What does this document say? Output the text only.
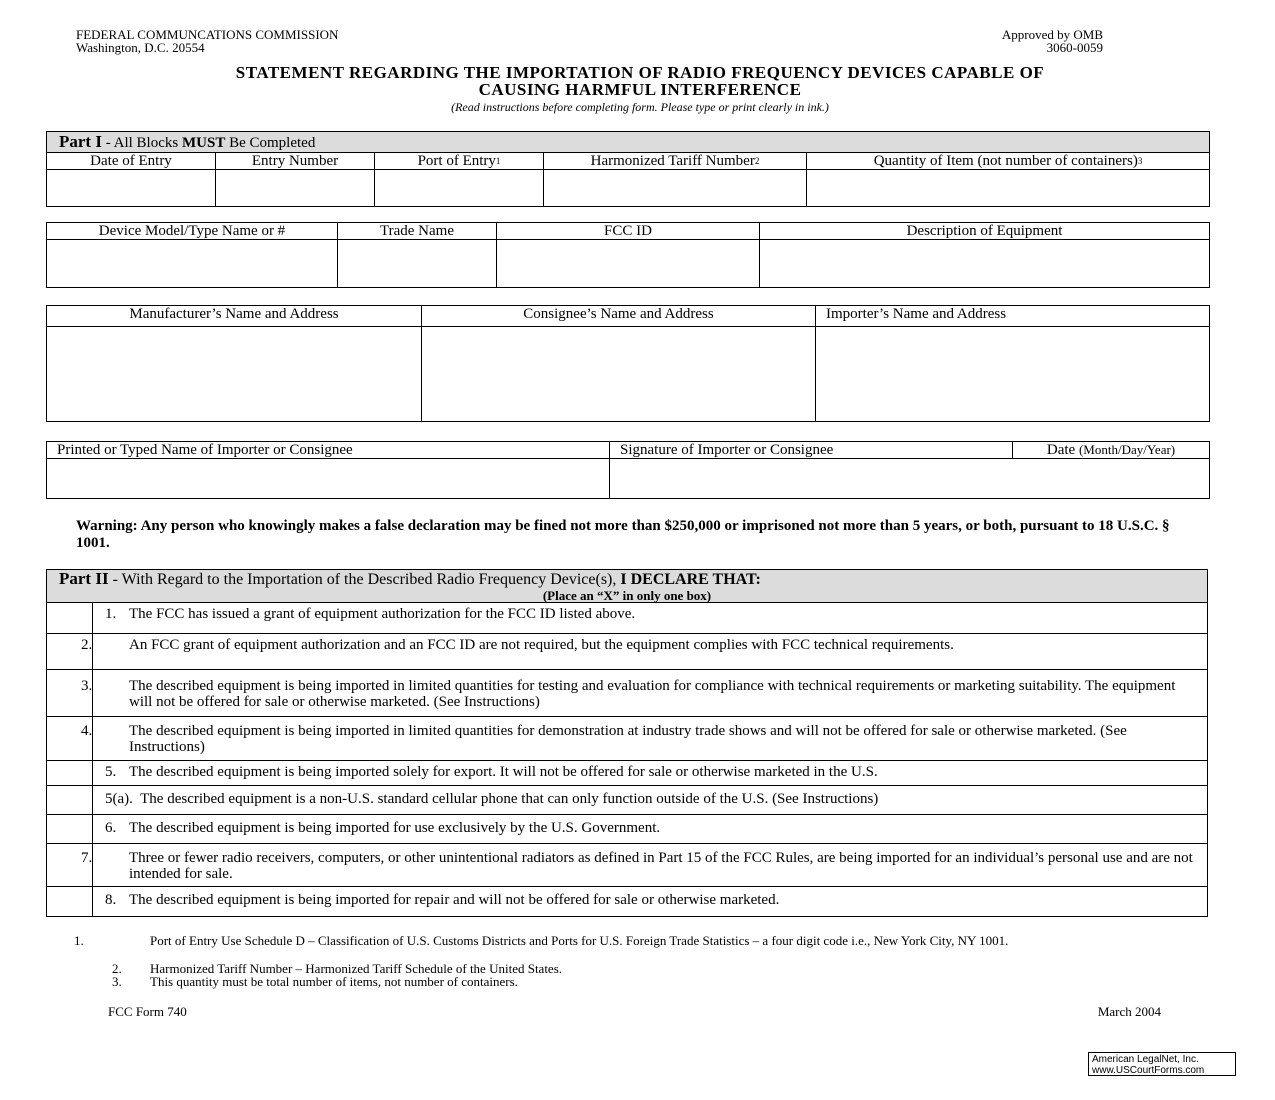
FEDERAL COMMUNCATIONS COMMISSION
Washington, D.C. 20554
Approved by OMB
3060-0059
STATEMENT REGARDING THE IMPORTATION OF RADIO FREQUENCY DEVICES CAPABLE OF
CAUSING HARMFUL INTERFERENCE
(Read instructions before completing form. Please type or print clearly in ink.)
Part I - All Blocks MUST Be Completed				
Date of Entry	Entry Number	Port of Entry$^1$	Harmonized Tariff Number$^2$	Quantity of Item (not number of containers)$^3$

Device Model/Type Name or #	Trade Name	FCC ID	Description of Equipment

Manufacturer’s Name and Address	Consignee’s Name and Address	Importer’s Name and Address

Printed or Typed Name of Importer or Consignee	Signature of Importer or Consignee	Date (Month/Day/Year)

Warning: Any person who knowingly makes a false declaration may be fined not more than $250,000 or imprisoned not more than 5 years, or both, pursuant to 18 U.S.C. § 1001.
Part II - With Regard to the Importation of the Described Radio Frequency Device(s), I DECLARE THAT:
(Place an “X” in only one box)	

	1. The FCC has issued a grant of equipment authorization for the FCC ID listed above.

	2. An FCC grant of equipment authorization and an FCC ID are not required, but the equipment complies with FCC technical requirements.

	3. The described equipment is being imported in limited quantities for testing and evaluation for compliance with technical requirements or marketing suitability. The equipment will not be offered for sale or otherwise marketed. (See Instructions)

	4. The described equipment is being imported in limited quantities for demonstration at industry trade shows and will not be offered for sale or otherwise marketed. (See Instructions)

	5. The described equipment is being imported solely for export. It will not be offered for sale or otherwise marketed in the U.S.
	5(a). The described equipment is a non-U.S. standard cellular phone that can only function outside of the U.S. (See Instructions)
	6. The described equipment is being imported for use exclusively by the U.S. Government.

	7. Three or fewer radio receivers, computers, or other unintentional radiators as defined in Part 15 of the FCC Rules, are being imported for an individual’s personal use and are not intended for sale.

	8. The described equipment is being imported for repair and will not be offered for sale or otherwise marketed.
1.	Port of Entry Use Schedule D – Classification of U.S. Customs Districts and Ports for U.S. Foreign Trade Statistics – a four digit code i.e., New York City, NY 1001.
2. Harmonized Tariff Number – Harmonized Tariff Schedule of the United States.
3. This quantity must be total number of items, not number of containers.
FCC Form 740	March 2004
American LegalNet, Inc.
www.USCourtForms.com
